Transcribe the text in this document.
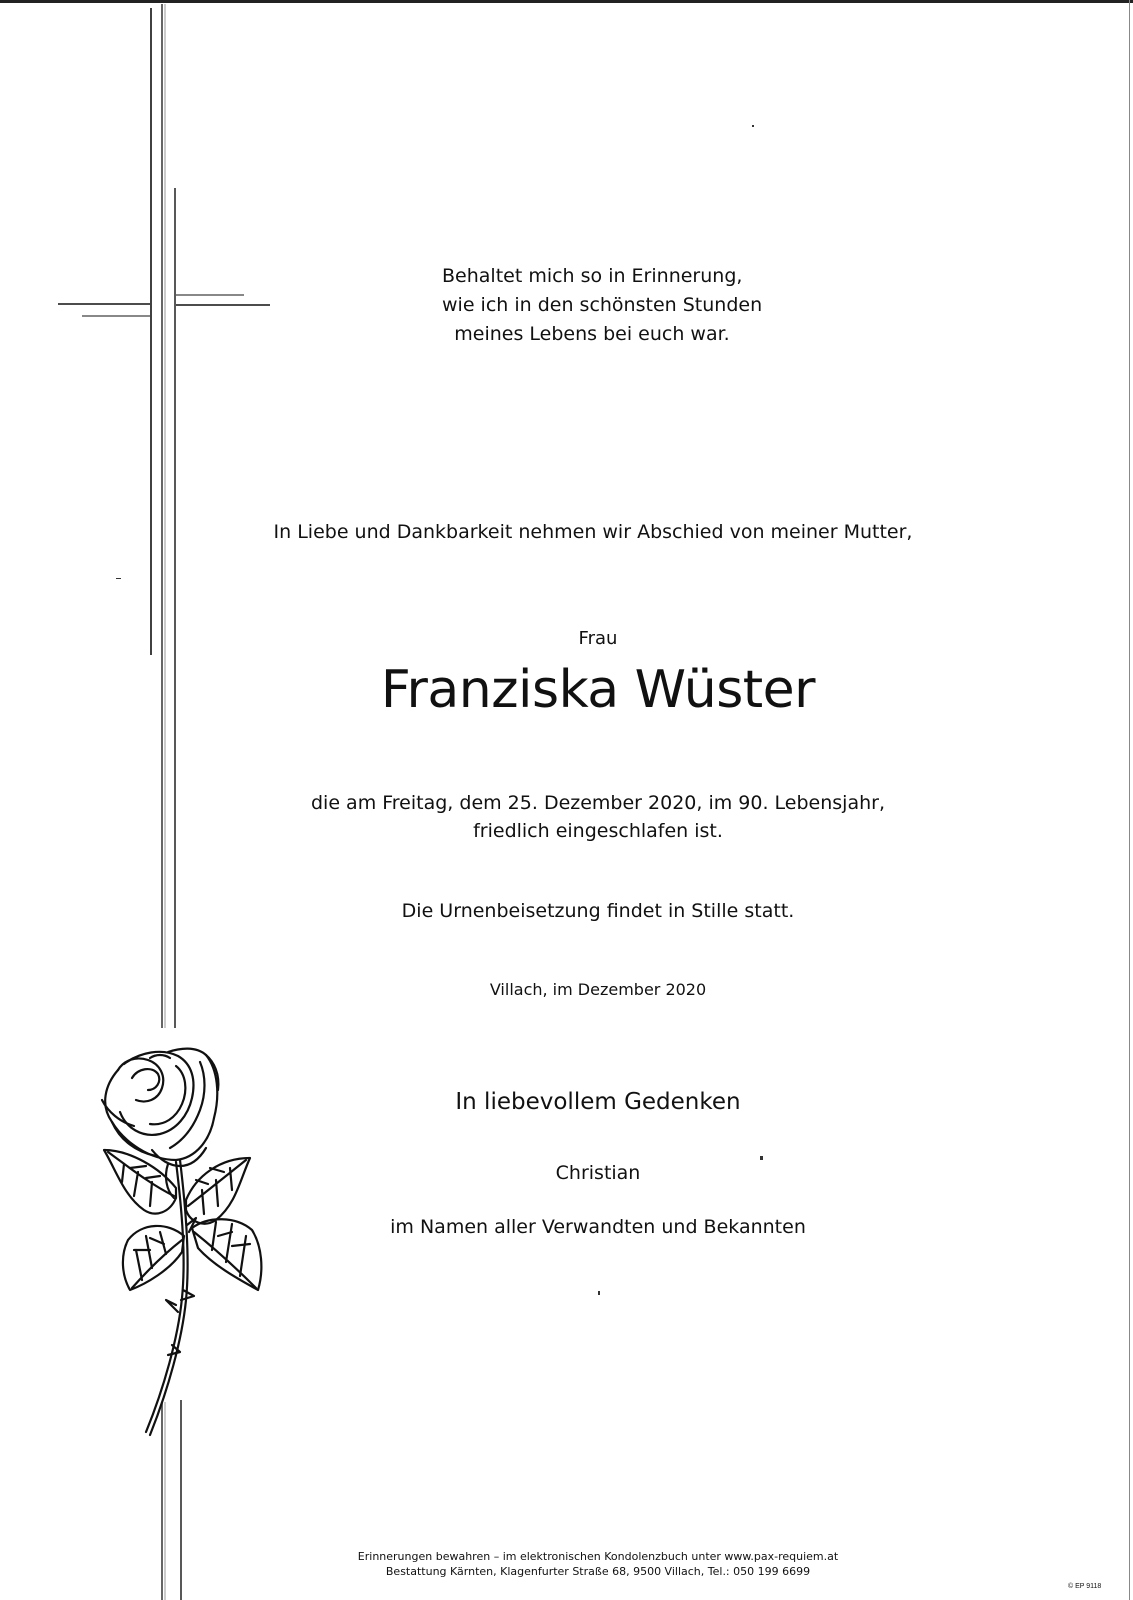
Behaltet mich so in Erinnerung,
wie ich in den schönsten Stunden
meines Lebens bei euch war.
In Liebe und Dankbarkeit nehmen wir Abschied von meiner Mutter,
Frau
Franziska Wüster
die am Freitag, dem 25. Dezember 2020, im 90. Lebensjahr,
friedlich eingeschlafen ist.
Die Urnenbeisetzung findet in Stille statt.
Villach, im Dezember 2020
In liebevollem Gedenken
Christian
im Namen aller Verwandten und Bekannten
Erinnerungen bewahren – im elektronischen Kondolenzbuch unter www.pax-requiem.at
Bestattung Kärnten, Klagenfurter Straße 68, 9500 Villach, Tel.: 050 199 6699
© EP 9118
